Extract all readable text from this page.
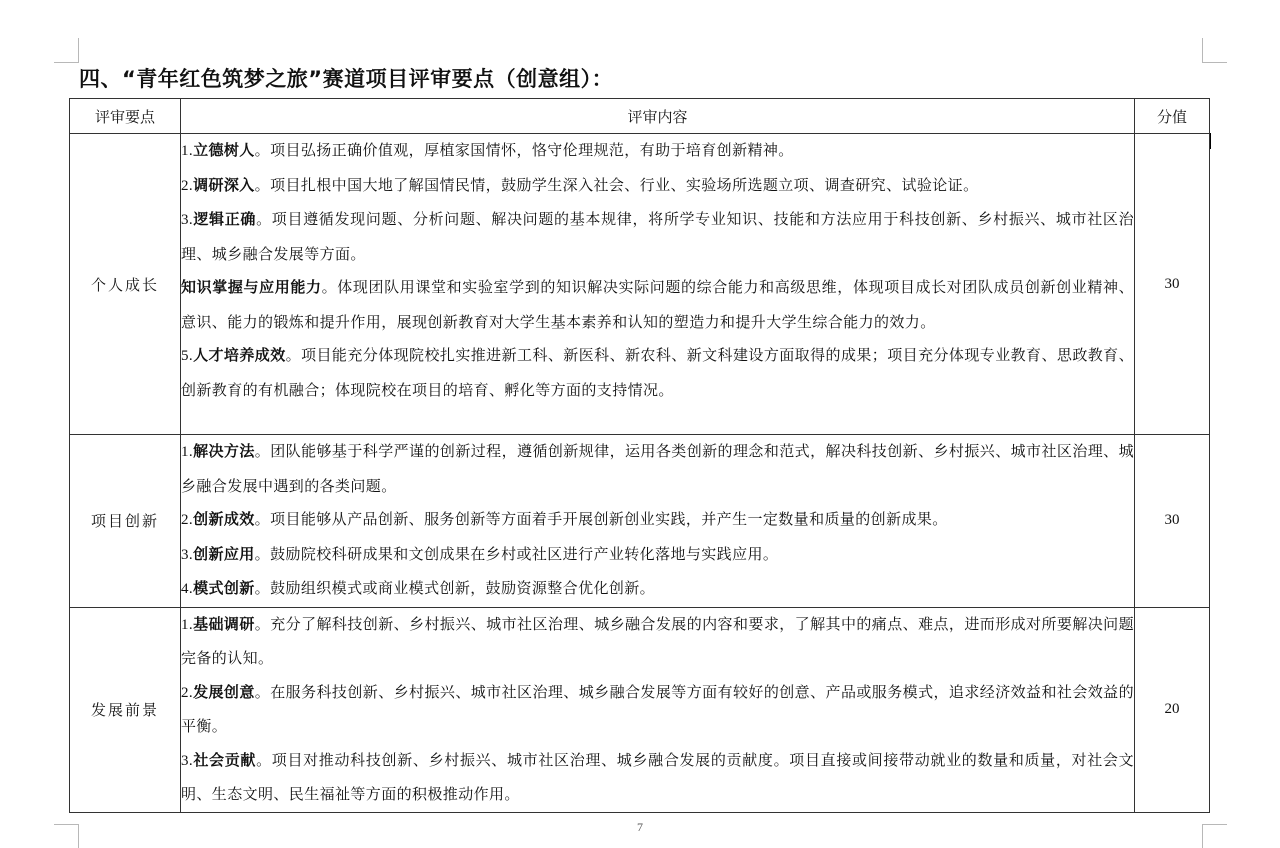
四、“青年红色筑梦之旅”赛道项目评审要点（创意组）：
评审要点	评审内容	分值
个人成长	1.立德树人。项目弘扬正确价值观，厚植家国情怀，恪守伦理规范，有助于培育创新精神。

2.调研深入。项目扎根中国大地了解国情民情，鼓励学生深入社会、行业、实验场所选题立项、调查研究、试验论证。

3.逻辑正确。项目遵循发现问题、分析问题、解决问题的基本规律，将所学专业知识、技能和方法应用于科技创新、乡村振兴、城市社区治理、城乡融合发展等方面。

知识掌握与应用能力。体现团队用课堂和实验室学到的知识解决实际问题的综合能力和高级思维，体现项目成长对团队成员创新创业精神、意识、能力的锻炼和提升作用，展现创新教育对大学生基本素养和认知的塑造力和提升大学生综合能力的效力。

5.人才培养成效。项目能充分体现院校扎实推进新工科、新医科、新农科、新文科建设方面取得的成果；项目充分体现专业教育、思政教育、创新教育的有机融合；体现院校在项目的培育、孵化等方面的支持情况。	30
项目创新	1.解决方法。团队能够基于科学严谨的创新过程，遵循创新规律，运用各类创新的理念和范式，解决科技创新、乡村振兴、城市社区治理、城乡融合发展中遇到的各类问题。

2.创新成效。项目能够从产品创新、服务创新等方面着手开展创新创业实践，并产生一定数量和质量的创新成果。

3.创新应用。鼓励院校科研成果和文创成果在乡村或社区进行产业转化落地与实践应用。

4.模式创新。鼓励组织模式或商业模式创新，鼓励资源整合优化创新。	30
发展前景	1.基础调研。充分了解科技创新、乡村振兴、城市社区治理、城乡融合发展的内容和要求，了解其中的痛点、难点，进而形成对所要解决问题完备的认知。

2.发展创意。在服务科技创新、乡村振兴、城市社区治理、城乡融合发展等方面有较好的创意、产品或服务模式，追求经济效益和社会效益的平衡。

3.社会贡献。项目对推动科技创新、乡村振兴、城市社区治理、城乡融合发展的贡献度。项目直接或间接带动就业的数量和质量，对社会文明、生态文明、民生福祉等方面的积极推动作用。	20
7
